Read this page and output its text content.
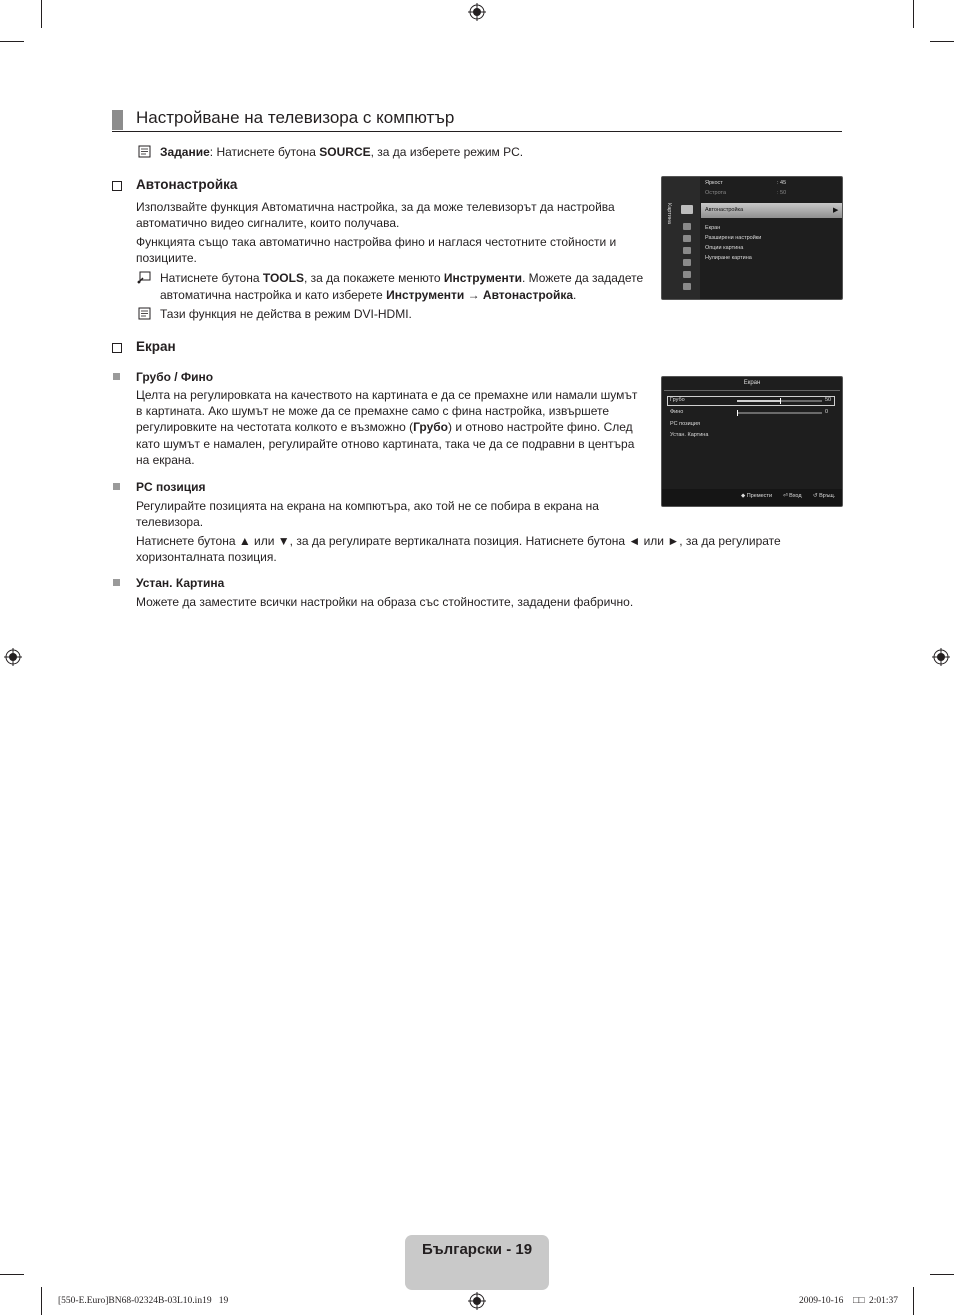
Настройване на телевизора с компютър
Задание: Натиснете бутона SOURCE, за да изберете режим PC.
Автонастройка
Използвайте функция Автоматична настройка, за да може телевизорът да настройва
автоматично видео сигналите, които получава.
Функцията също така автоматично настройва фино и наглася честотните стойности и
позициите.
Натиснете бутона TOOLS, за да покажете менюто Инструменти. Можете да зададете
автоматична настройка и като изберете Инструменти → Автонастройка.
Тази функция не действа в режим DVI-HDMI.
Картина
Яркост	: 45
Острота	: 50
Автонастройка	▶
Екран
Разширени настройки
Опции картина
Нулиране картина
Екран
Грубо / Фино
Целта на регулировката на качеството на картината е да се премахне или намали шумът
в картината. Ако шумът не може да се премахне само с фина настройка, извършете
регулировките на честотата колкото е възможно (Грубо) и отново настройте фино. След
като шумът е намален, регулирайте отново картината, така че да се подравни в центъра
на екрана.
PC позиция
Регулирайте позицията на екрана на компютъра, ако той не се побира в екрана на
телевизора.
Натиснете бутона ▲ или ▼, за да регулирате вертикалната позиция. Натиснете бутона ◄ или ►, за да регулирате
хоризонталната позиция.
Устан. Картина
Можете да заместите всички настройки на образа със стойностите, зададени фабрично.
Екран
Грубо	50
Фино	0
PC позиция
Устан. Картина
◆ Премести ⏎ Вход ↺ Връщ.
Български - 19
[550-E.Euro]BN68-02324B-03L10.in19   19	2009-10-16 □□ 2:01:37
